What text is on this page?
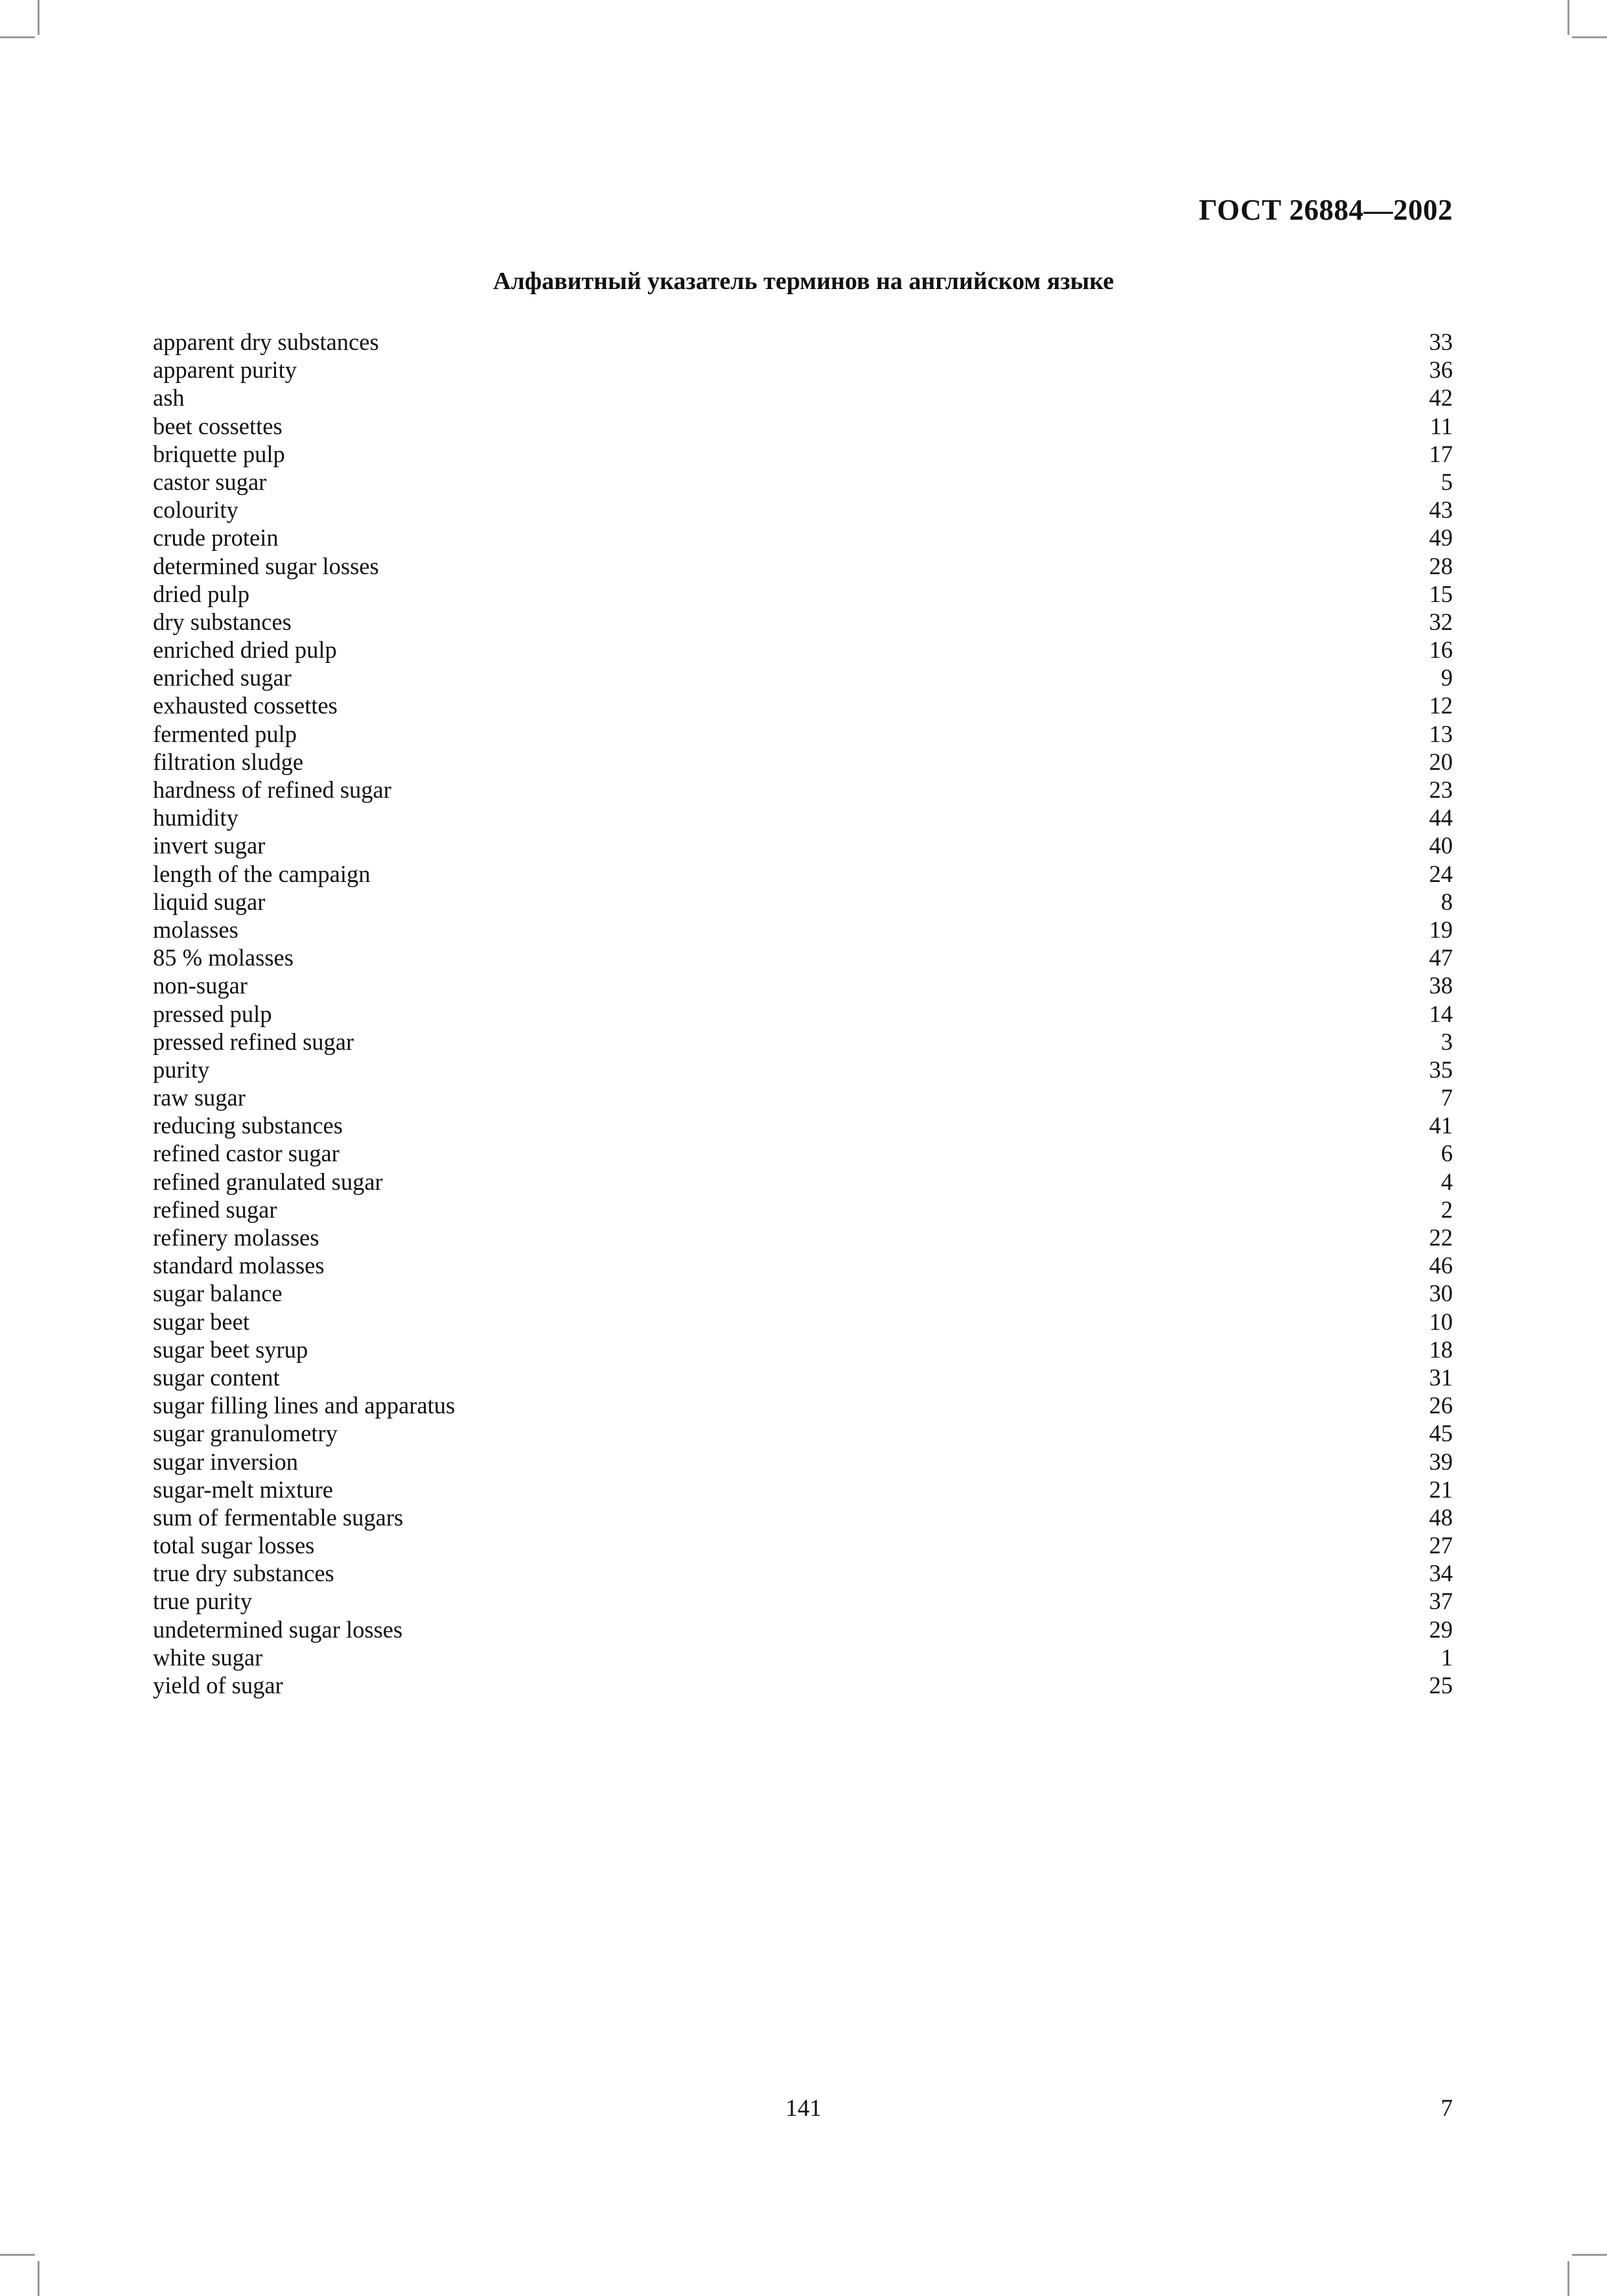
ГОСТ 26884—2002
Алфавитный указатель терминов на английском языке
apparent dry substances	33
apparent purity	36
ash	42
beet cossettes	11
briquette pulp	17
castor sugar	5
colourity	43
crude protein	49
determined sugar losses	28
dried pulp	15
dry substances	32
enriched dried pulp	16
enriched sugar	9
exhausted cossettes	12
fermented pulp	13
filtration sludge	20
hardness of refined sugar	23
humidity	44
invert sugar	40
length of the campaign	24
liquid sugar	8
molasses	19
85 % molasses	47
non-sugar	38
pressed pulp	14
pressed refined sugar	3
purity	35
raw sugar	7
reducing substances	41
refined castor sugar	6
refined granulated sugar	4
refined sugar	2
refinery molasses	22
standard molasses	46
sugar balance	30
sugar beet	10
sugar beet syrup	18
sugar content	31
sugar filling lines and apparatus	26
sugar granulometry	45
sugar inversion	39
sugar-melt mixture	21
sum of fermentable sugars	48
total sugar losses	27
true dry substances	34
true purity	37
undetermined sugar losses	29
white sugar	1
yield of sugar	25
141	7
